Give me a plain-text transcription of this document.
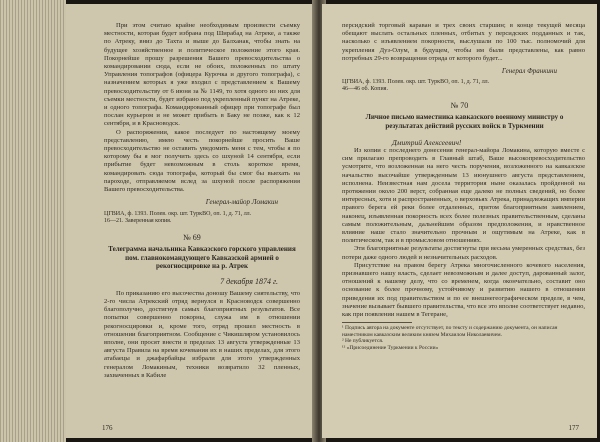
При этом считаю крайне необходимым произвести съемку местности, которая будет избрана под Ширабад на Атреке, а также по Атреку, вниз до Тахта и выше до Балханак, чтобы знать на будущее хозяйственное и политическое положение этого края. Покорнейше прошу разрешения Вашего превосходительства о командировании сюда, если не обоих, положенных по штату Управления топографов (офицера Курочка и другого топографа), с назначением которых я уже входил с представлением к Вашему превосходительству от 6 июня за № 1149, то хотя одного из них для съемки местности, будет избрано под укрепленный пункт на Атреке, и одного топографа. Командированный офицер при топографе был послан курьером и не может прибыть в Баку не позже, как к 12 сентября, и в Красноводск.

О распоряжении, какое последует по настоящему моему представлению, имею честь покорнейше просить Ваше превосходительство не оставить уведомить меня с тем, чтобы я по которому бы я мог получить здесь со шхуной 14 сентября, если прибытие будет невозможным в столь короткое время, командировать сюда топографа, который бы смог бы выехать на пароходе, отправляемом вслед за шхуной после распоряжения Вашего превосходительства.

Генерал-майор Ломакин

ЦГВИА, ф. 1393. Полев. окр. шт. ТуркВО, оп. 1, д. 71, лл. 16—21. Заверенная копия.

№ 69

Телеграмма начальника Кавказского горского управления пом. главнокомандующего Кавказской армией о рекогносцировке на р. Атрек

7 декабря 1874 г.

По приказанию его высочества доношу Вашему сиятельству, что 2-го числа Атрекский отряд вернулся в Красноводск совершенно благополучно, достигнув самых благоприятных результатов. Все попытки совершенно покорны, служа им в отношении рекогносцировки и, кроме того, отряд прошел местность в отношении благоприятном. Сообщение с Чикишляром установилось вполне, они просят внести в пределах 13 августа утвержденные 13 августа Правила на время кочевания их в наших пределах, для этого атабаецы и джафарбайцы избрали для этого утвержденных генералом Ломакиным, техники возвратило 32 пленных, захваченных в Кабиле

176

персидский торговый караван и трех своих старшин; в конце текущей месяца обещают выслать остальных пленных, отбитых у персидских подданных и так, насколько с изъявлением покорности, выслушали по 100 тыс. полномочий для укрепления Дуз-Олум, в будущем, чтобы им были представлены, как равно потребных 29-го возвращения отряда от которого будет...

Генерал Франкини

ЦГВИА, ф. 1393. Полев. окр. шт. ТуркВО, оп. 1, д. 71, лл. 46—46 об. Копия.

№ 70

Личное письмо наместника кавказского военному министру о результатах действий русских войск в Туркмении

Дмитрий Алексеевич!

Из копии с последнего донесения генерал-майора Ломакина, которую вместе с сим прилагаю препроводить в Главный штаб, Ваше высокопревосходительство усмотрите, что возложенная на него честь поручения, возложенного на кавказское начальство высочайше утвержденным 13 июнушнего августа представлением, исполнена. Неизвестная нам досела территория ныне оказалась пройденной на протяжении около 200 верст, собранная еще далеко не полных сведений, но более интересных, хотя и распространенных, о верховьях Атрека, принадлежащих империи правого берега ей реки более отдаленных, притом благоприятным заявлением, наконец, изъявленная покорность всех более полезных правительственным, сделаны самым положительным, дальнейшим образом предположения, и нравственное влияние наше стало значительно прочным и ощутимым на Атреке, как в политическом, так и в промысловом отношениях.

Эти благоприятные результаты достигнуты при весьма умеренных средствах, без потери даже одного людей и незначительных расходов.

Присутствие на правом берегу Атрека многочисленного кочевого населения, признавшего нашу власть, сделает невозможным и далее доступ, дарованный залог, отношений к нашему делу, что со временем, когда окончательно, составит оно основание к более прочному, устойчивому и развитию нашего в отношении приведения их под правительством и по ее внешнегеографическом пределе, в чем, значение вызывает бывшего правительства, что все это вполне соответствует недавно, как при появлении нашем в Тегеране,

¹ Подпись автора на документе отсутствует, по тексту и содержанию документа, он написан наместником кавказским великим князем Михаилом Николаевичем.

² Не публикуется.

¹² «Присоединение Туркмении к России»

177
